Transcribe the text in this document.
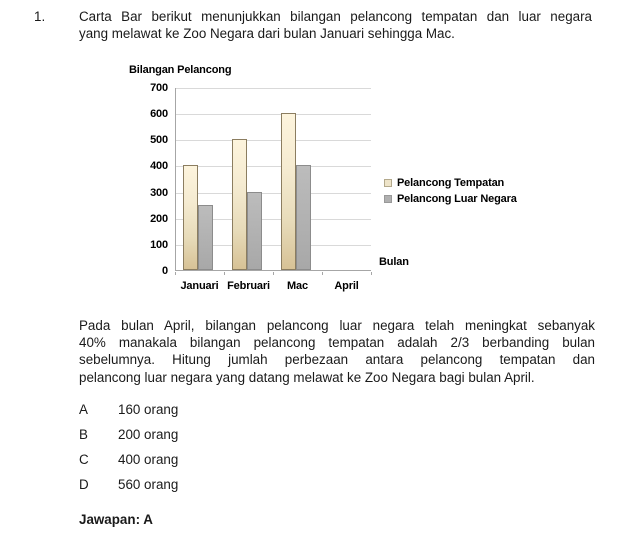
1.	Carta Bar berikut menunjukkan bilangan pelancong tempatan dan luar negara
yang melawat ke Zoo Negara dari bulan Januari sehingga Mac.
Bilangan Pelancong
0
100
200
300
400
500
600
700
Januari Februari	Mac	April
Pelancong Tempatan
Pelancong Luar Negara
Bulan
Pada bulan April, bilangan pelancong luar negara telah meningkat sebanyak
40% manakala bilangan pelancong tempatan adalah 2/3 berbanding bulan
sebelumnya. Hitung jumlah perbezaan antara pelancong tempatan dan
pelancong luar negara yang datang melawat ke Zoo Negara bagi bulan April.
A 160 orang
B 200 orang
C 400 orang
D 560 orang
Jawapan: A
